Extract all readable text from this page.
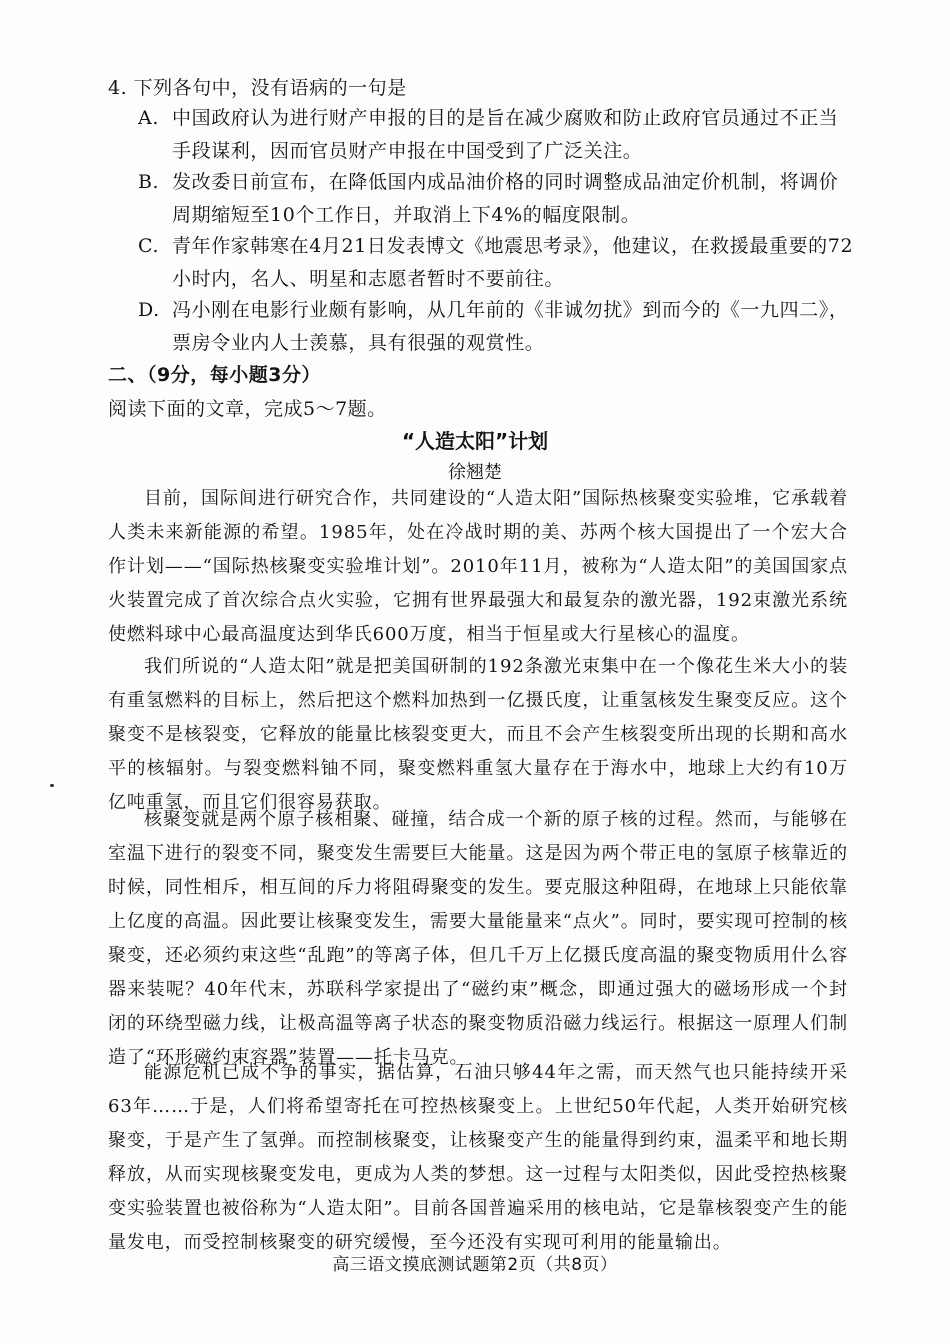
4. 下列各句中，没有语病的一句是
A. 中国政府认为进行财产申报的目的是旨在减少腐败和防止政府官员通过不正当手段谋利，因而官员财产申报在中国受到了广泛关注。
B. 发改委日前宣布，在降低国内成品油价格的同时调整成品油定价机制，将调价周期缩短至10个工作日，并取消上下4%的幅度限制。
C. 青年作家韩寒在4月21日发表博文《地震思考录》，他建议，在救援最重要的72小时内，名人、明星和志愿者暂时不要前往。
D. 冯小刚在电影行业颇有影响，从几年前的《非诚勿扰》到而今的《一九四二》，票房令业内人士羡慕，具有很强的观赏性。
二、（9分，每小题3分）
阅读下面的文章，完成5～7题。
“人造太阳”计划
徐翘楚
目前，国际间进行研究合作，共同建设的“人造太阳”国际热核聚变实验堆，它承载着人类未来新能源的希望。1985年，处在冷战时期的美、苏两个核大国提出了一个宏大合作计划——“国际热核聚变实验堆计划”。2010年11月，被称为“人造太阳”的美国国家点火装置完成了首次综合点火实验，它拥有世界最强大和最复杂的激光器，192束激光系统使燃料球中心最高温度达到华氏600万度，相当于恒星或大行星核心的温度。
我们所说的“人造太阳”就是把美国研制的192条激光束集中在一个像花生米大小的装有重氢燃料的目标上，然后把这个燃料加热到一亿摄氏度，让重氢核发生聚变反应。这个聚变不是核裂变，它释放的能量比核裂变更大，而且不会产生核裂变所出现的长期和高水平的核辐射。与裂变燃料铀不同，聚变燃料重氢大量存在于海水中，地球上大约有10万亿吨重氢，而且它们很容易获取。
核聚变就是两个原子核相聚、碰撞，结合成一个新的原子核的过程。然而，与能够在室温下进行的裂变不同，聚变发生需要巨大能量。这是因为两个带正电的氢原子核靠近的时候，同性相斥，相互间的斥力将阻碍聚变的发生。要克服这种阻碍，在地球上只能依靠上亿度的高温。因此要让核聚变发生，需要大量能量来“点火”。同时，要实现可控制的核聚变，还必须约束这些“乱跑”的等离子体，但几千万上亿摄氏度高温的聚变物质用什么容器来装呢？40年代末，苏联科学家提出了“磁约束”概念，即通过强大的磁场形成一个封闭的环绕型磁力线，让极高温等离子状态的聚变物质沿磁力线运行。根据这一原理人们制造了“环形磁约束容器”装置——托卡马克。
能源危机已成不争的事实，据估算，石油只够44年之需，而天然气也只能持续开采63年……于是，人们将希望寄托在可控热核聚变上。上世纪50年代起，人类开始研究核聚变，于是产生了氢弹。而控制核聚变，让核聚变产生的能量得到约束，温柔平和地长期释放，从而实现核聚变发电，更成为人类的梦想。这一过程与太阳类似，因此受控热核聚变实验装置也被俗称为“人造太阳”。目前各国普遍采用的核电站，它是靠核裂变产生的能量发电，而受控制核聚变的研究缓慢，至今还没有实现可利用的能量输出。
高三语文摸底测试题第2页（共8页）
